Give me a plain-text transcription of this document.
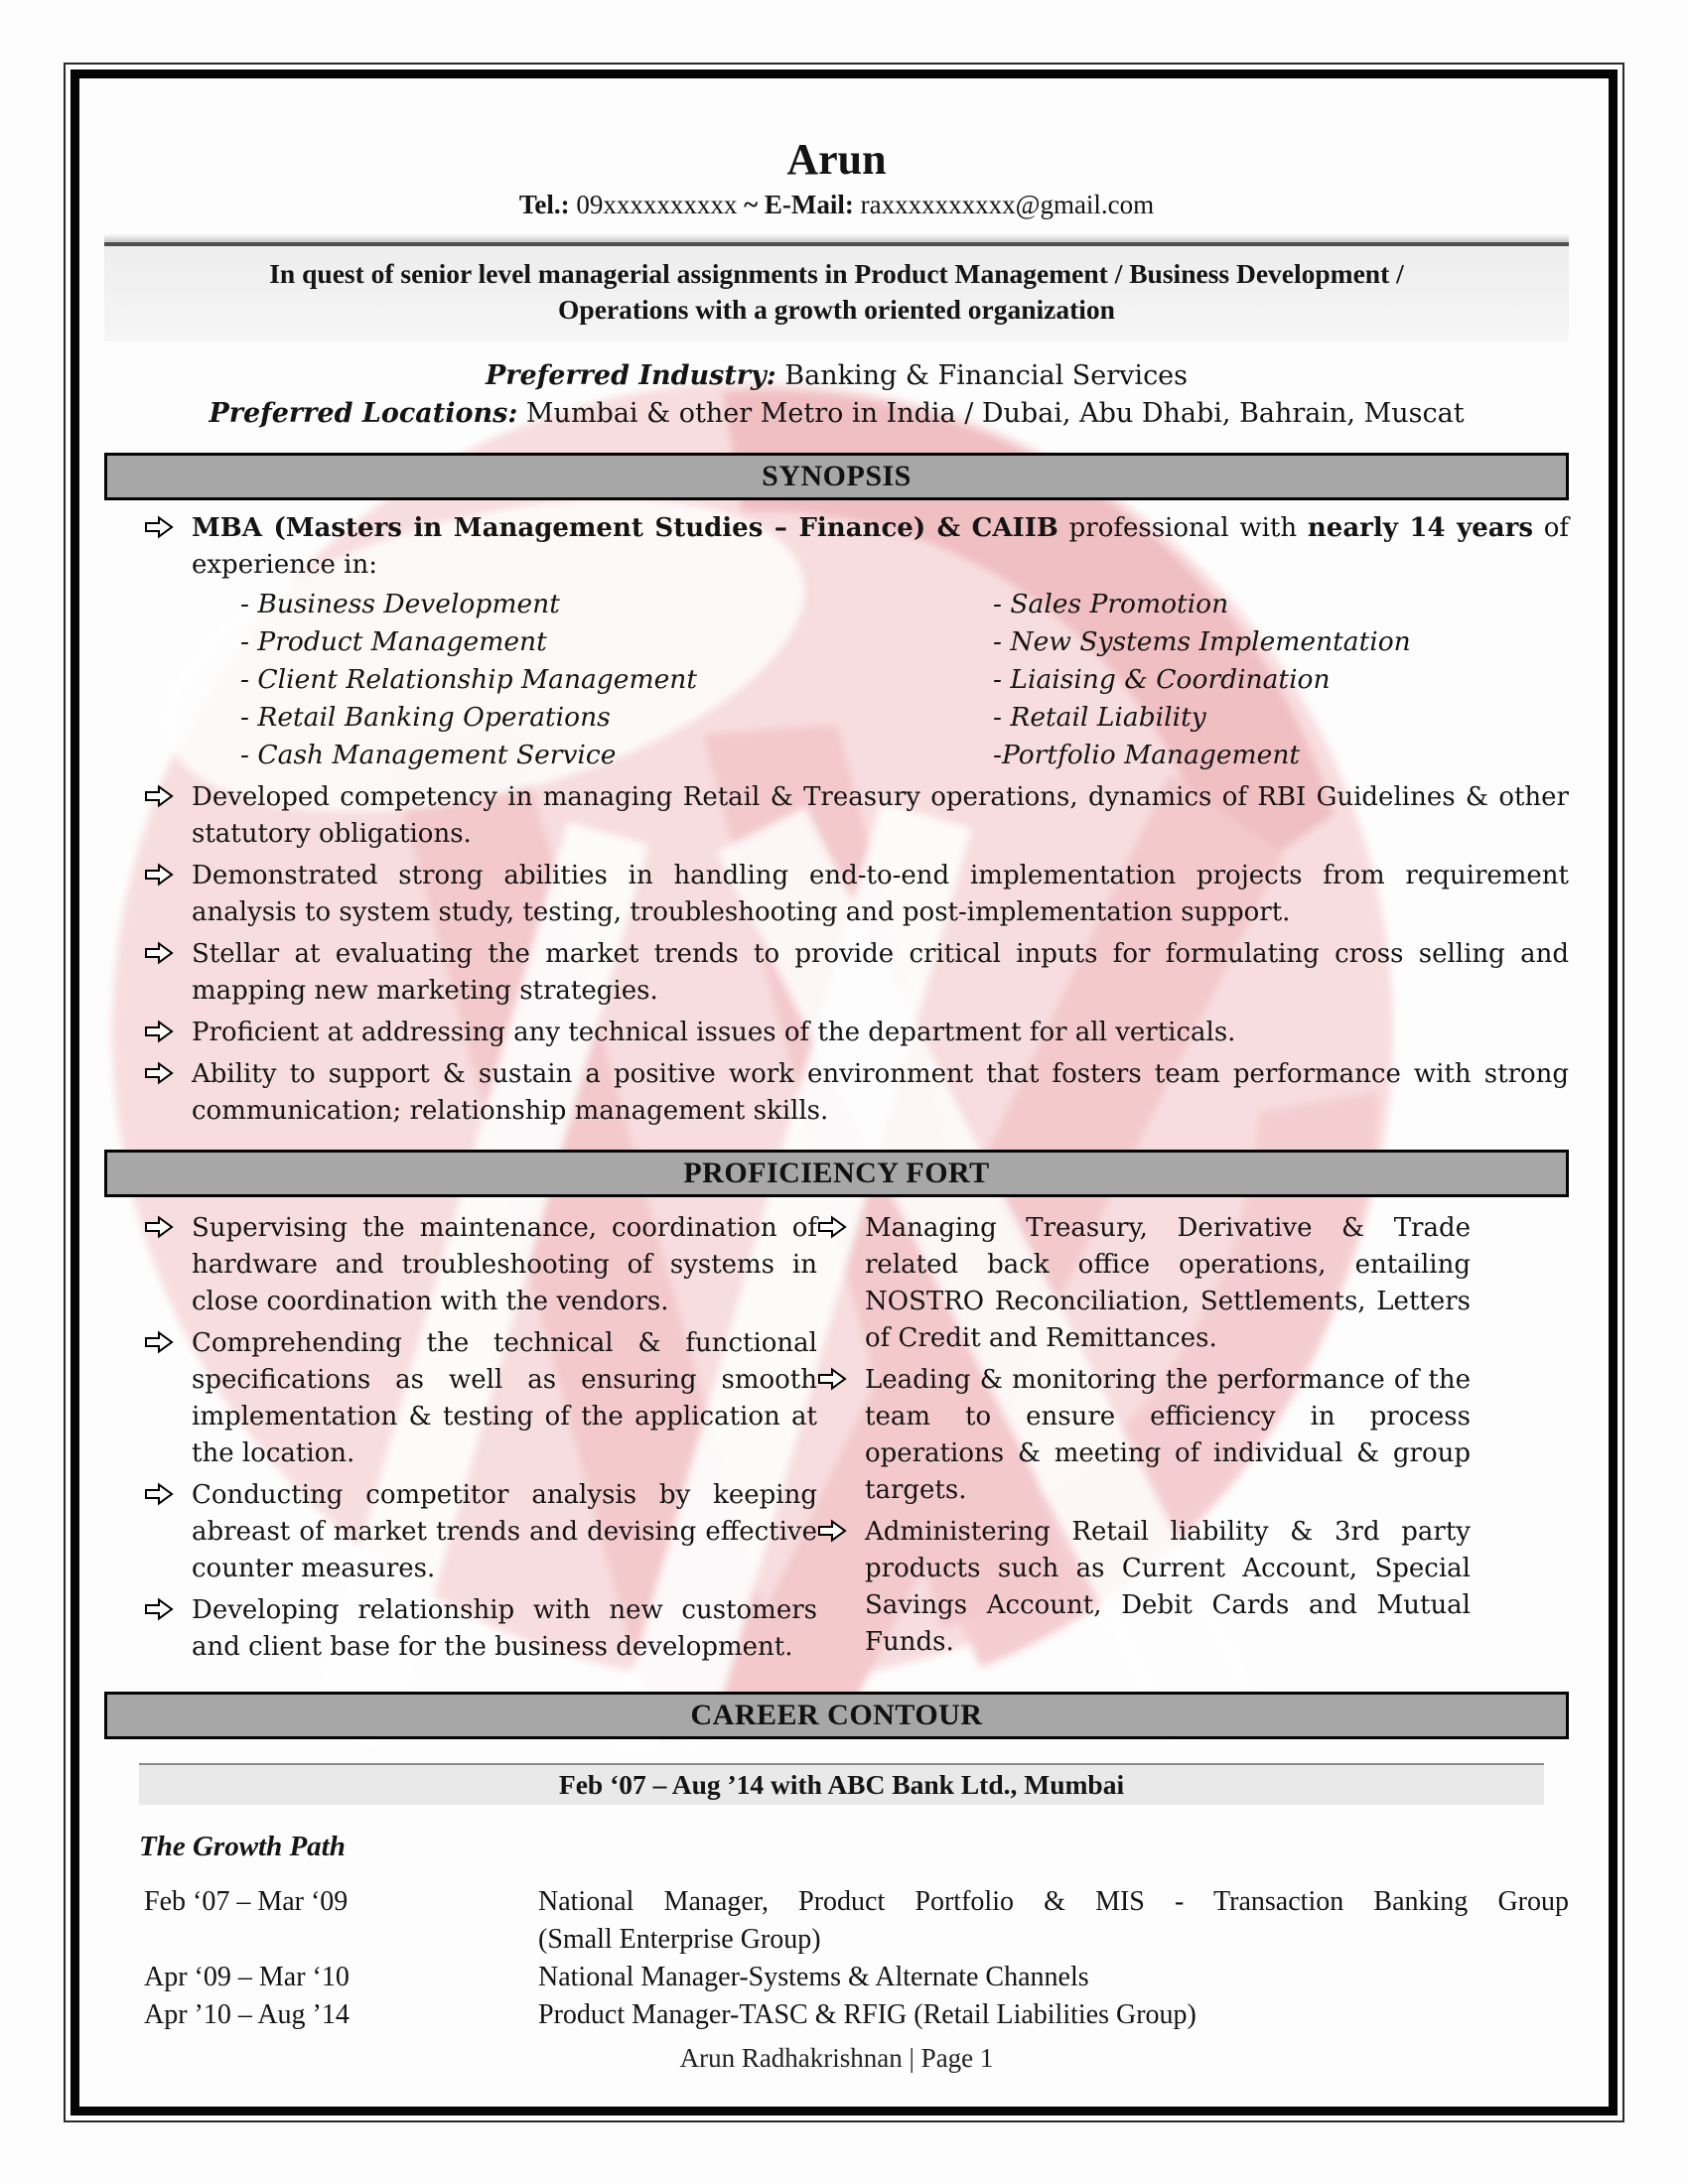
Arun

Tel.: 09xxxxxxxxxx ~ E-Mail: raxxxxxxxxxx@gmail.com

In quest of senior level managerial assignments in Product Management / Business Development /
Operations with a growth oriented organization
Preferred Industry: Banking & Financial Services
Preferred Locations: Mumbai & other Metro in India / Dubai, Abu Dhabi, Bahrain, Muscat
SYNOPSIS
MBA (Masters in Management Studies – Finance) & CAIIB professional with nearly 14 years of experience in:
- Business Development
- Product Management
- Client Relationship Management
- Retail Banking Operations
- Cash Management Service
- Sales Promotion
- New Systems Implementation
- Liaising & Coordination
- Retail Liability
-Portfolio Management
Developed competency in managing Retail & Treasury operations, dynamics of RBI Guidelines & other statutory obligations.
Demonstrated strong abilities in handling end-to-end implementation projects from requirement analysis to system study, testing, troubleshooting and post-implementation support.
Stellar at evaluating the market trends to provide critical inputs for formulating cross selling and mapping new marketing strategies.
Proficient at addressing any technical issues of the department for all verticals.
Ability to support & sustain a positive work environment that fosters team performance with strong communication; relationship management skills.
PROFICIENCY FORT
Supervising the maintenance, coordination of hardware and troubleshooting of systems in close coordination with the vendors.
Comprehending the technical & functional specifications as well as ensuring smooth implementation & testing of the application at the location.
Conducting competitor analysis by keeping abreast of market trends and devising effective counter measures.
Developing relationship with new customers and client base for the business development.
Managing Treasury, Derivative & Trade related back office operations, entailing NOSTRO Reconciliation, Settlements, Letters of Credit and Remittances.
Leading & monitoring the performance of the team to ensure efficiency in process operations & meeting of individual & group targets.
Administering Retail liability & 3rd party products such as Current Account, Special Savings Account, Debit Cards and Mutual Funds.
CAREER CONTOUR
Feb ‘07 – Aug ’14 with ABC Bank Ltd., Mumbai
The Growth Path
Feb ‘07 – Mar ‘09	National Manager, Product Portfolio & MIS - Transaction Banking Group
(Small Enterprise Group)
Apr ‘09 – Mar ‘10	National Manager-Systems & Alternate Channels
Apr ’10 – Aug ’14	Product Manager-TASC & RFIG (Retail Liabilities Group)
Arun Radhakrishnan | Page 1
